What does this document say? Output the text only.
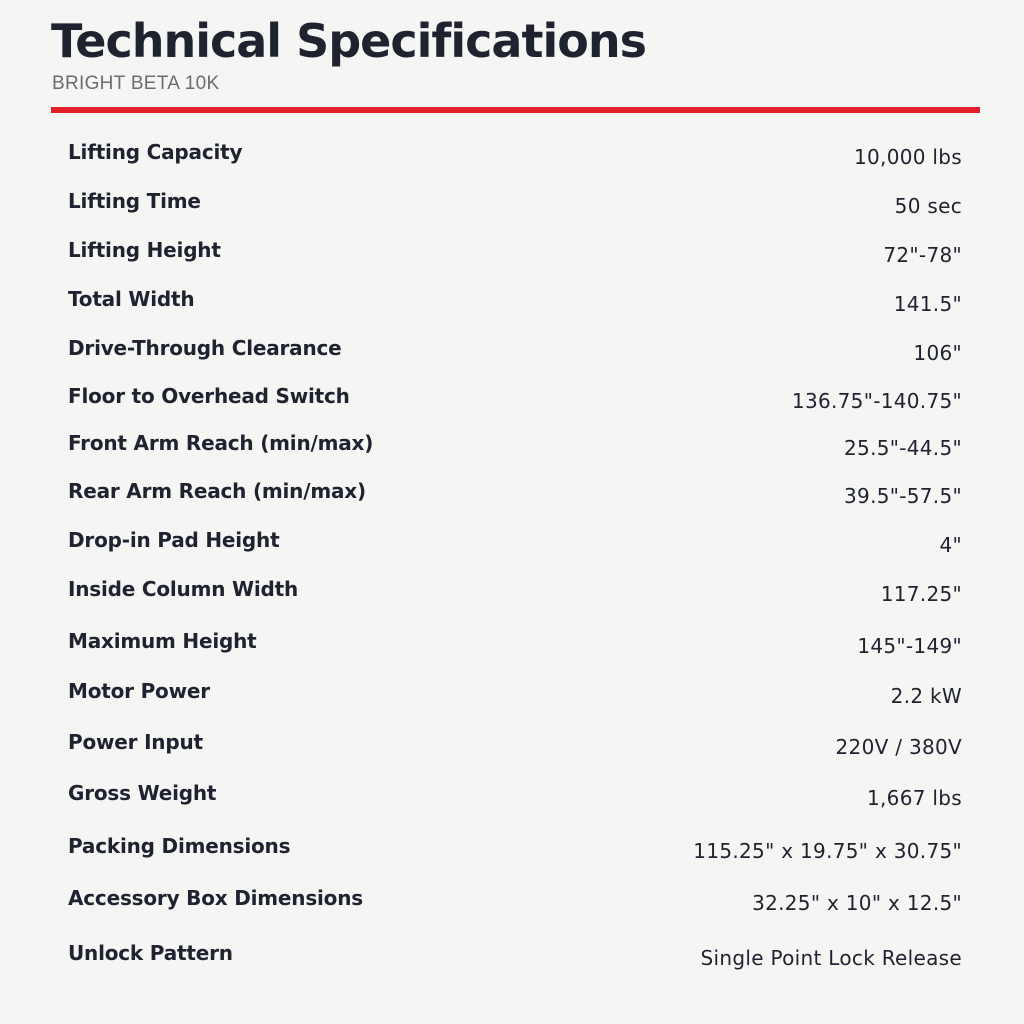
Technical Specifications
BRIGHT BETA 10K
Lifting Capacity	10,000 lbs
Lifting Time	50 sec
Lifting Height	72"-78"
Total Width	141.5"
Drive-Through Clearance	106"
Floor to Overhead Switch	136.75"-140.75"
Front Arm Reach (min/max)	25.5"-44.5"
Rear Arm Reach (min/max)	39.5"-57.5"
Drop-in Pad Height	4"
Inside Column Width	117.25"
Maximum Height	145"-149"
Motor Power	2.2 kW
Power Input	220V / 380V
Gross Weight	1,667 lbs
Packing Dimensions	115.25" x 19.75" x 30.75"
Accessory Box Dimensions	32.25" x 10" x 12.5"
Unlock Pattern	Single Point Lock Release
